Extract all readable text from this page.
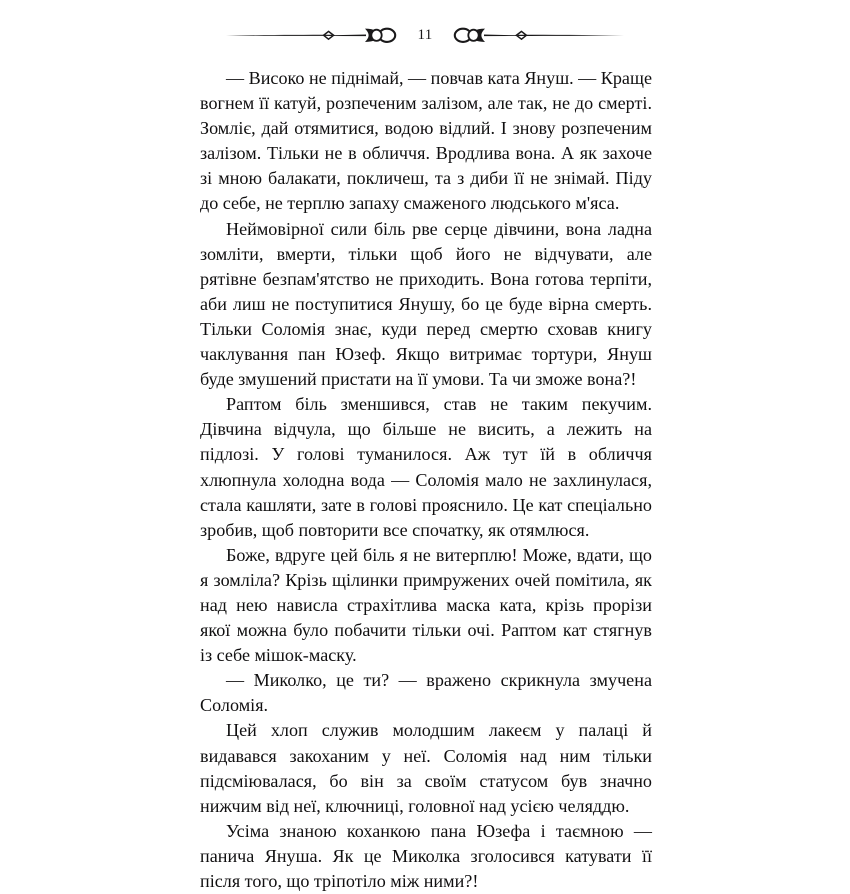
11

— Високо не піднімай, — повчав ката Януш. — Краще вогнем її катуй, розпеченим залізом, але так, не до смерті. Зомліє, дай отямитися, водою відлий. І знову розпеченим залізом. Тільки не в обличчя. Вродлива вона. А як захоче зі мною балакати, покличеш, та з диби її не знімай. Піду до себе, не терплю запаху смаженого людського м'яса.

Неймовірної сили біль рве серце дівчини, вона ладна зомліти, вмерти, тільки щоб його не відчувати, але рятівне безпам'ятство не приходить. Вона готова терпіти, аби лиш не поступитися Янушу, бо це буде вірна смерть. Тільки Соломія знає, куди перед смертю сховав книгу чаклування пан Юзеф. Якщо витримає тортури, Януш буде змушений пристати на її умови. Та чи зможе вона?!

Раптом біль зменшився, став не таким пекучим. Дівчина відчула, що більше не висить, а лежить на підлозі. У голові туманилося. Аж тут їй в обличчя хлюпнула холодна вода — Соломія мало не захлинулася, стала кашляти, зате в голові прояснило. Це кат спеціально зробив, щоб повторити все спочатку, як отямлюся.

Боже, вдруге цей біль я не витерплю! Може, вдати, що я зомліла? Крізь щілинки примружених очей помітила, як над нею нависла страхітлива маска ката, крізь прорізи якої можна було побачити тільки очі. Раптом кат стягнув із себе мішок-маску.

— Миколко, це ти? — вражено скрикнула змучена Соломія.

Цей хлоп служив молодшим лакеєм у палаці й видавався закоханим у неї. Соломія над ним тільки підсміювалася, бо він за своїм статусом був значно нижчим від неї, ключниці, головної над усією челяддю.

Усіма знаною коханкою пана Юзефа і таємною — панича Януша. Як це Миколка зголосився катувати її після того, що тріпотіло між ними?!
